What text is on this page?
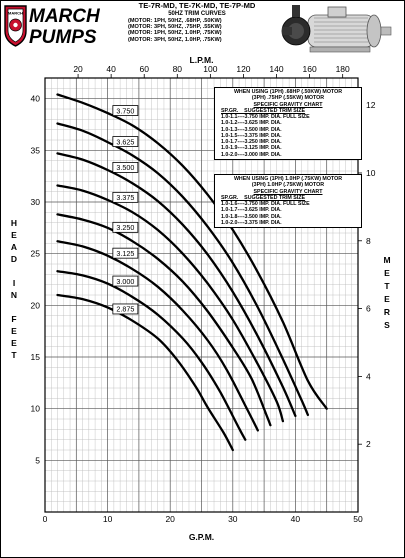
MARCH MARCH
PUMPS
TE-7R-MD, TE-7K-MD, TE-7P-MD
50HZ TRIM CURVES
(MOTOR: 1PH, 50HZ, .68HP, .50KW)
(MOTOR: 3PH, 50HZ, .75HP, .55KW)
(MOTOR: 1PH, 50HZ, 1.0HP, .75KW)
(MOTOR: 3PH, 50HZ, 1.0HP, .75KW)
0	10	20	30	40	50
5
10
15
20
25
30
35
40
20	40	60	80 100 120 140 160 180
2
4
6
8
10
12
3.750
3.625
3.500
3.375
3.250
3.125
3.000
2.875
L.P.M.
G.P.M.
H
E
A
D
I
N
F
E
E
T
M
E
T
E
R
S
WHEN USING (1PH) .68HP (.50KW) MOTOR
(3PH) .75HP (.55KW) MOTOR
SPECIFIC GRAVITY CHART
SP.GR.    SUGGESTED TRIM SIZE
1.0-1.1----3.750 IMP. DIA. FULL SIZE
1.0-1.2----3.625 IMP. DIA.
1.0-1.3----3.500 IMP. DIA.
1.0-1.5----3.375 IMP. DIA.
1.0-1.7----3.250 IMP. DIA.
1.0-1.9----3.125 IMP. DIA.
1.0-2.0----3.000 IMP. DIA.
WHEN USING (1PH) 1.0HP (.75KW) MOTOR
(3PH) 1.0HP (.75KW) MOTOR
SPECIFIC GRAVITY CHART
SP.GR.    SUGGESTED TRIM SIZE
1.0-1.6----3.750 IMP. DIA. FULL SIZE
1.0-1.7----3.625 IMP. DIA.
1.0-1.8----3.500 IMP. DIA.
1.0-2.0----3.375 IMP. DIA.
